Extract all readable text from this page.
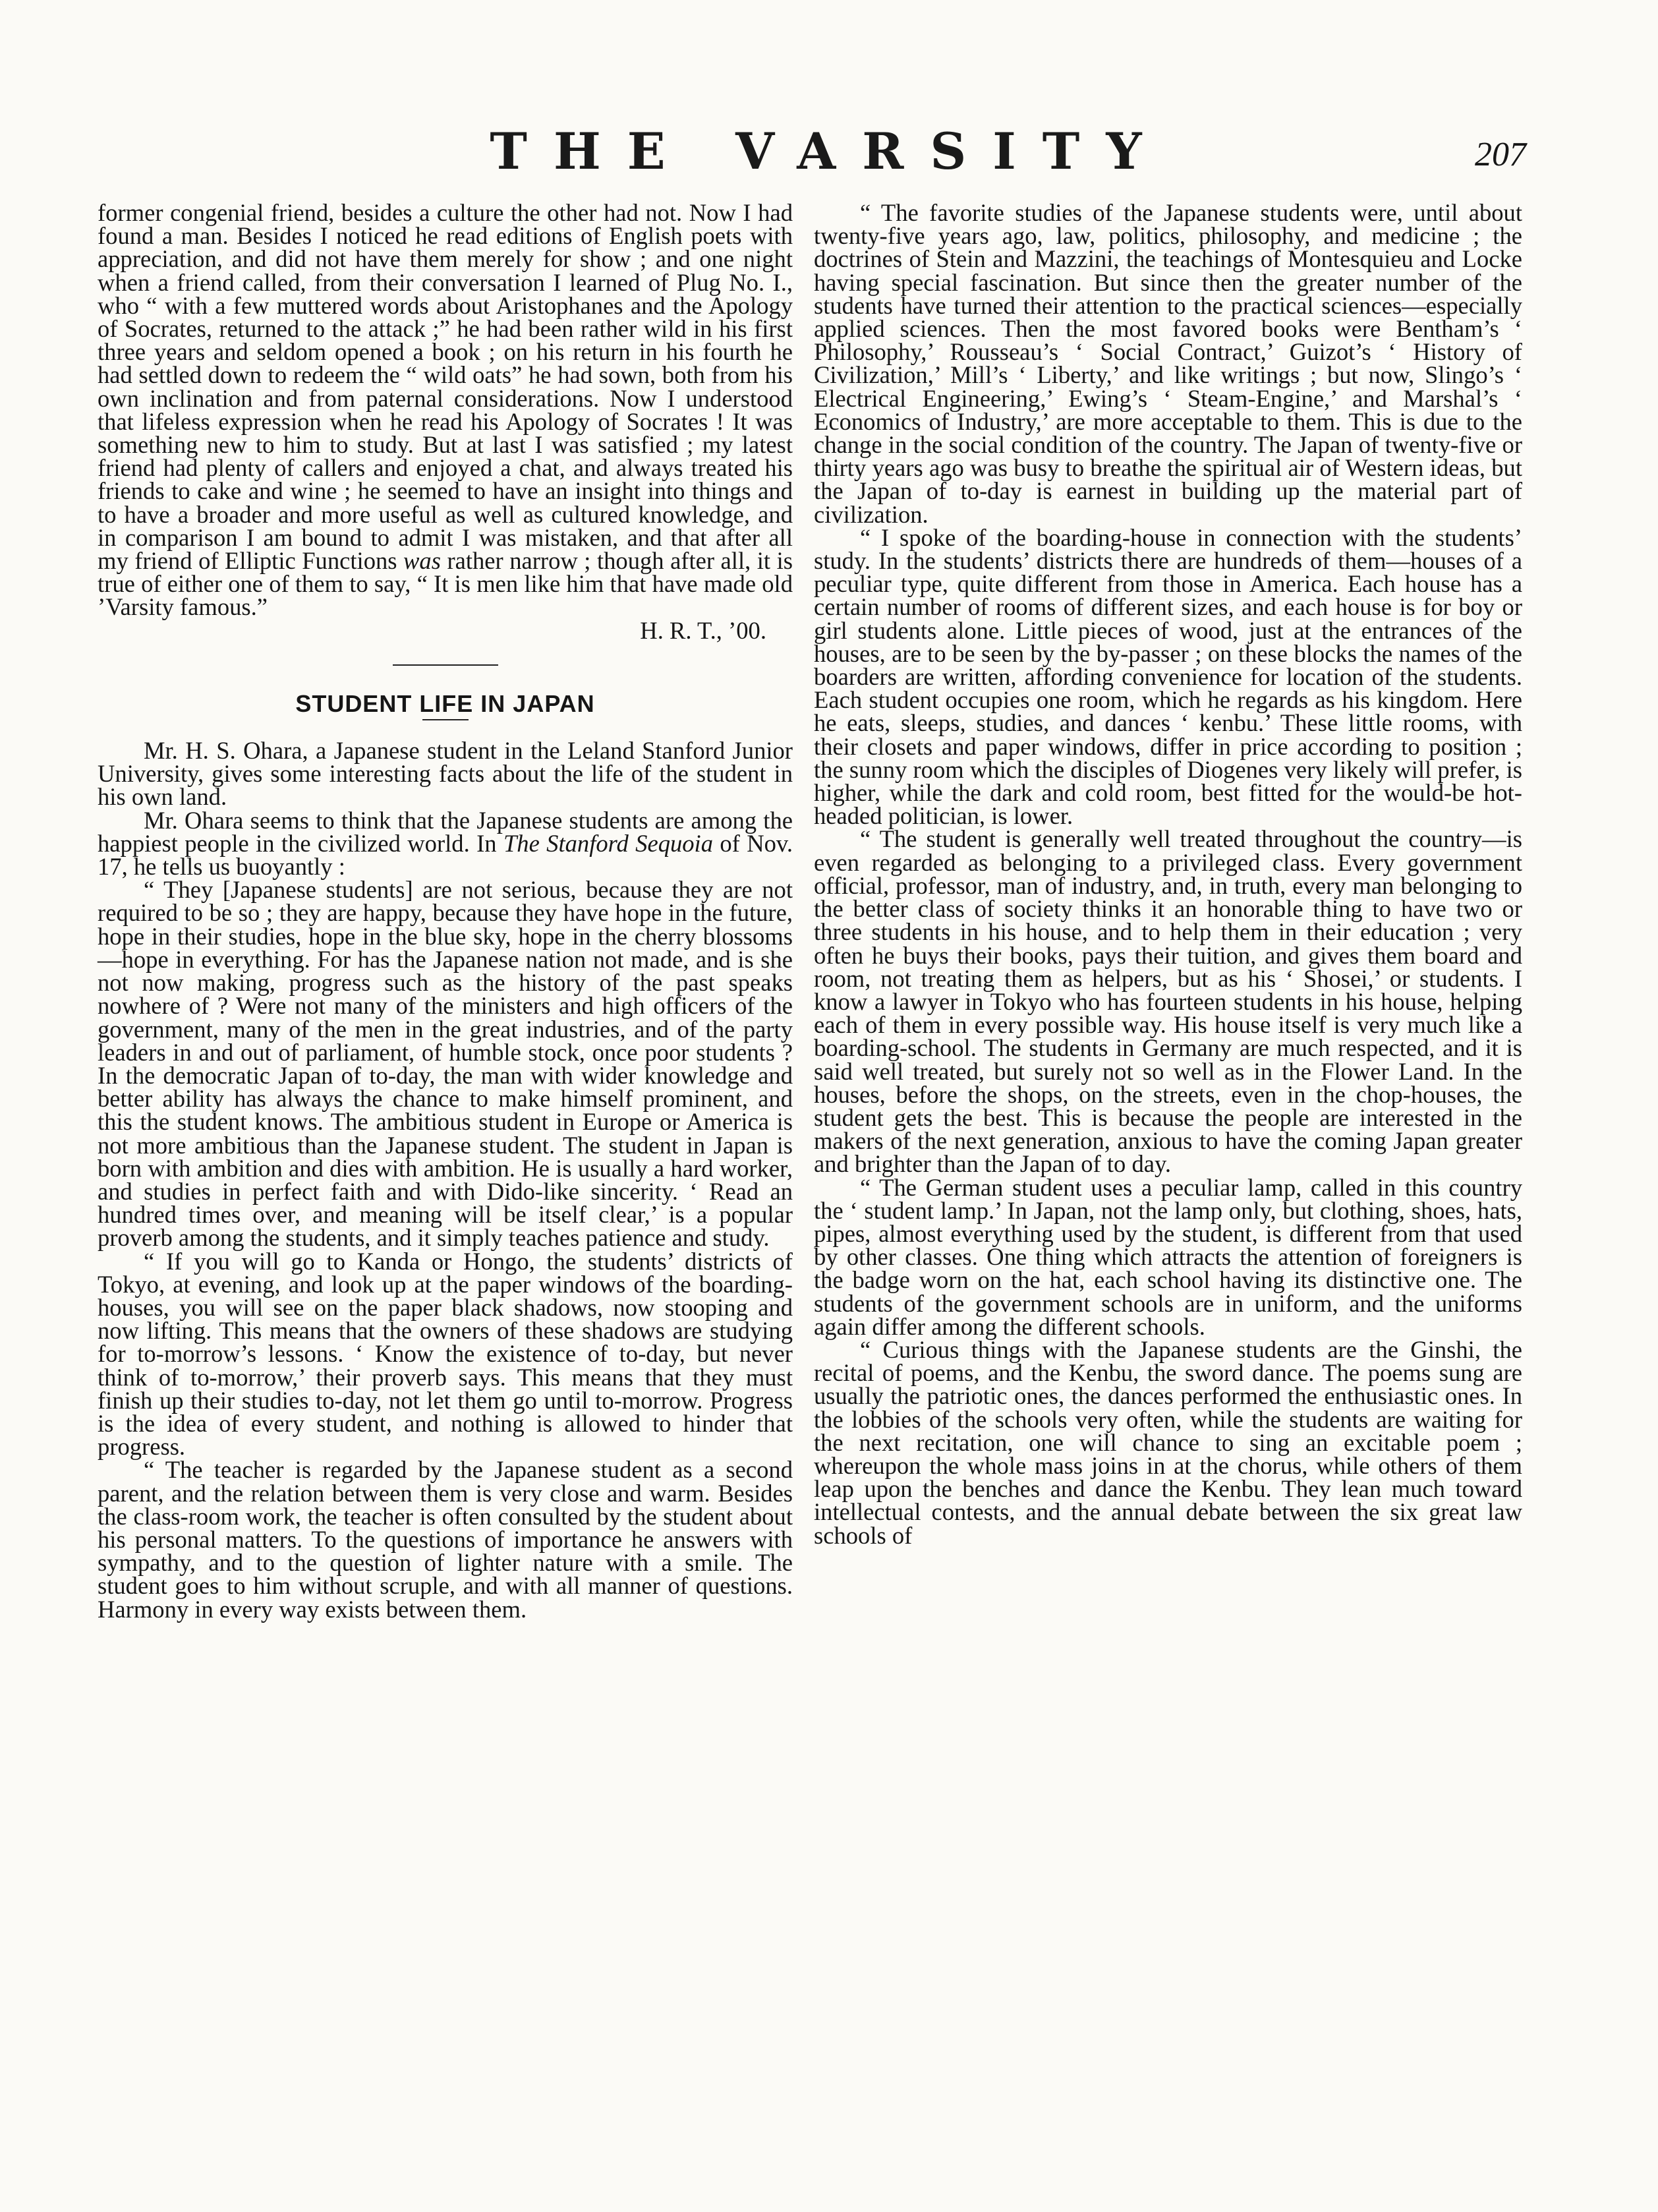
THE VARSITY	207

former congenial friend, besides a culture the other had not. Now I had found a man. Besides I noticed he read editions of English poets with appreciation, and did not have them merely for show ; and one night when a friend called, from their conversation I learned of Plug No. I., who “ with a few muttered words about Aristophanes and the Apology of Socrates, returned to the attack ;” he had been rather wild in his first three years and seldom opened a book ; on his return in his fourth he had settled down to redeem the “ wild oats” he had sown, both from his own inclination and from paternal considerations. Now I understood that lifeless expression when he read his Apology of Socrates ! It was something new to him to study. But at last I was satisfied ; my latest friend had plenty of callers and enjoyed a chat, and always treated his friends to cake and wine ; he seemed to have an insight into things and to have a broader and more useful as well as cultured knowledge, and in comparison I am bound to admit I was mistaken, and that after all my friend of Elliptic Functions was rather narrow ; though after all, it is true of either one of them to say, “ It is men like him that have made old ’Varsity famous.”

H. R. T., ’00.
STUDENT LIFE IN JAPAN

Mr. H. S. Ohara, a Japanese student in the Leland Stanford Junior University, gives some interesting facts about the life of the student in his own land.

Mr. Ohara seems to think that the Japanese students are among the happiest people in the civilized world. In The Stanford Sequoia of Nov. 17, he tells us buoyantly :

“ They [Japanese students] are not serious, because they are not required to be so ; they are happy, because they have hope in the future, hope in their studies, hope in the blue sky, hope in the cherry blossoms—hope in everything. For has the Japanese nation not made, and is she not now making, progress such as the history of the past speaks nowhere of ? Were not many of the ministers and high officers of the government, many of the men in the great industries, and of the party leaders in and out of parliament, of humble stock, once poor students ? In the democratic Japan of to-day, the man with wider knowledge and better ability has always the chance to make himself prominent, and this the student knows. The ambitious student in Europe or America is not more ambitious than the Japanese student. The student in Japan is born with ambition and dies with ambition. He is usually a hard worker, and studies in perfect faith and with Dido-like sincerity. ‘ Read an hundred times over, and meaning will be itself clear,’ is a popular proverb among the students, and it simply teaches patience and study.

“ If you will go to Kanda or Hongo, the students’ districts of Tokyo, at evening, and look up at the paper windows of the boarding-houses, you will see on the paper black shadows, now stooping and now lifting. This means that the owners of these shadows are studying for to-morrow’s lessons. ‘ Know the existence of to-day, but never think of to-morrow,’ their proverb says. This means that they must finish up their studies to-day, not let them go until to-morrow. Progress is the idea of every student, and nothing is allowed to hinder that progress.

“ The teacher is regarded by the Japanese student as a second parent, and the relation between them is very close and warm. Besides the class-room work, the teacher is often consulted by the student about his personal matters. To the questions of importance he answers with sympathy, and to the question of lighter nature with a smile. The student goes to him without scruple, and with all manner of questions. Harmony in every way exists between them.

“ The favorite studies of the Japanese students were, until about twenty-five years ago, law, politics, philosophy, and medicine ; the doctrines of Stein and Mazzini, the teachings of Montesquieu and Locke having special fascination. But since then the greater number of the students have turned their attention to the practical sciences—especially applied sciences. Then the most favored books were Bentham’s ‘ Philosophy,’ Rousseau’s ‘ Social Contract,’ Guizot’s ‘ History of Civilization,’ Mill’s ‘ Liberty,’ and like writings ; but now, Slingo’s ‘ Electrical Engineering,’ Ewing’s ‘ Steam-Engine,’ and Marshal’s ‘ Economics of Industry,’ are more acceptable to them. This is due to the change in the social condition of the country. The Japan of twenty-five or thirty years ago was busy to breathe the spiritual air of Western ideas, but the Japan of to-day is earnest in building up the material part of civilization.

“ I spoke of the boarding-house in connection with the students’ study. In the students’ districts there are hundreds of them—houses of a peculiar type, quite different from those in America. Each house has a certain number of rooms of different sizes, and each house is for boy or girl students alone. Little pieces of wood, just at the entrances of the houses, are to be seen by the by-passer ; on these blocks the names of the boarders are written, affording convenience for location of the students. Each student occupies one room, which he regards as his kingdom. Here he eats, sleeps, studies, and dances ‘ kenbu.’ These little rooms, with their closets and paper windows, differ in price according to position ; the sunny room which the disciples of Diogenes very likely will prefer, is higher, while the dark and cold room, best fitted for the would-be hot-headed politician, is lower.

“ The student is generally well treated throughout the country—is even regarded as belonging to a privileged class. Every government official, professor, man of industry, and, in truth, every man belonging to the better class of society thinks it an honorable thing to have two or three students in his house, and to help them in their education ; very often he buys their books, pays their tuition, and gives them board and room, not treating them as helpers, but as his ‘ Shosei,’ or students. I know a lawyer in Tokyo who has fourteen students in his house, helping each of them in every possible way. His house itself is very much like a boarding-school. The students in Germany are much respected, and it is said well treated, but surely not so well as in the Flower Land. In the houses, before the shops, on the streets, even in the chop-houses, the student gets the best. This is because the people are interested in the makers of the next generation, anxious to have the coming Japan greater and brighter than the Japan of to day.

“ The German student uses a peculiar lamp, called in this country the ‘ student lamp.’ In Japan, not the lamp only, but clothing, shoes, hats, pipes, almost everything used by the student, is different from that used by other classes. One thing which attracts the attention of foreigners is the badge worn on the hat, each school having its distinctive one. The students of the government schools are in uniform, and the uniforms again differ among the different schools.

“ Curious things with the Japanese students are the Ginshi, the recital of poems, and the Kenbu, the sword dance. The poems sung are usually the patriotic ones, the dances performed the enthusiastic ones. In the lobbies of the schools very often, while the students are waiting for the next recitation, one will chance to sing an excitable poem ; whereupon the whole mass joins in at the chorus, while others of them leap upon the benches and dance the Kenbu. They lean much toward intellectual contests, and the annual debate between the six great law schools of
